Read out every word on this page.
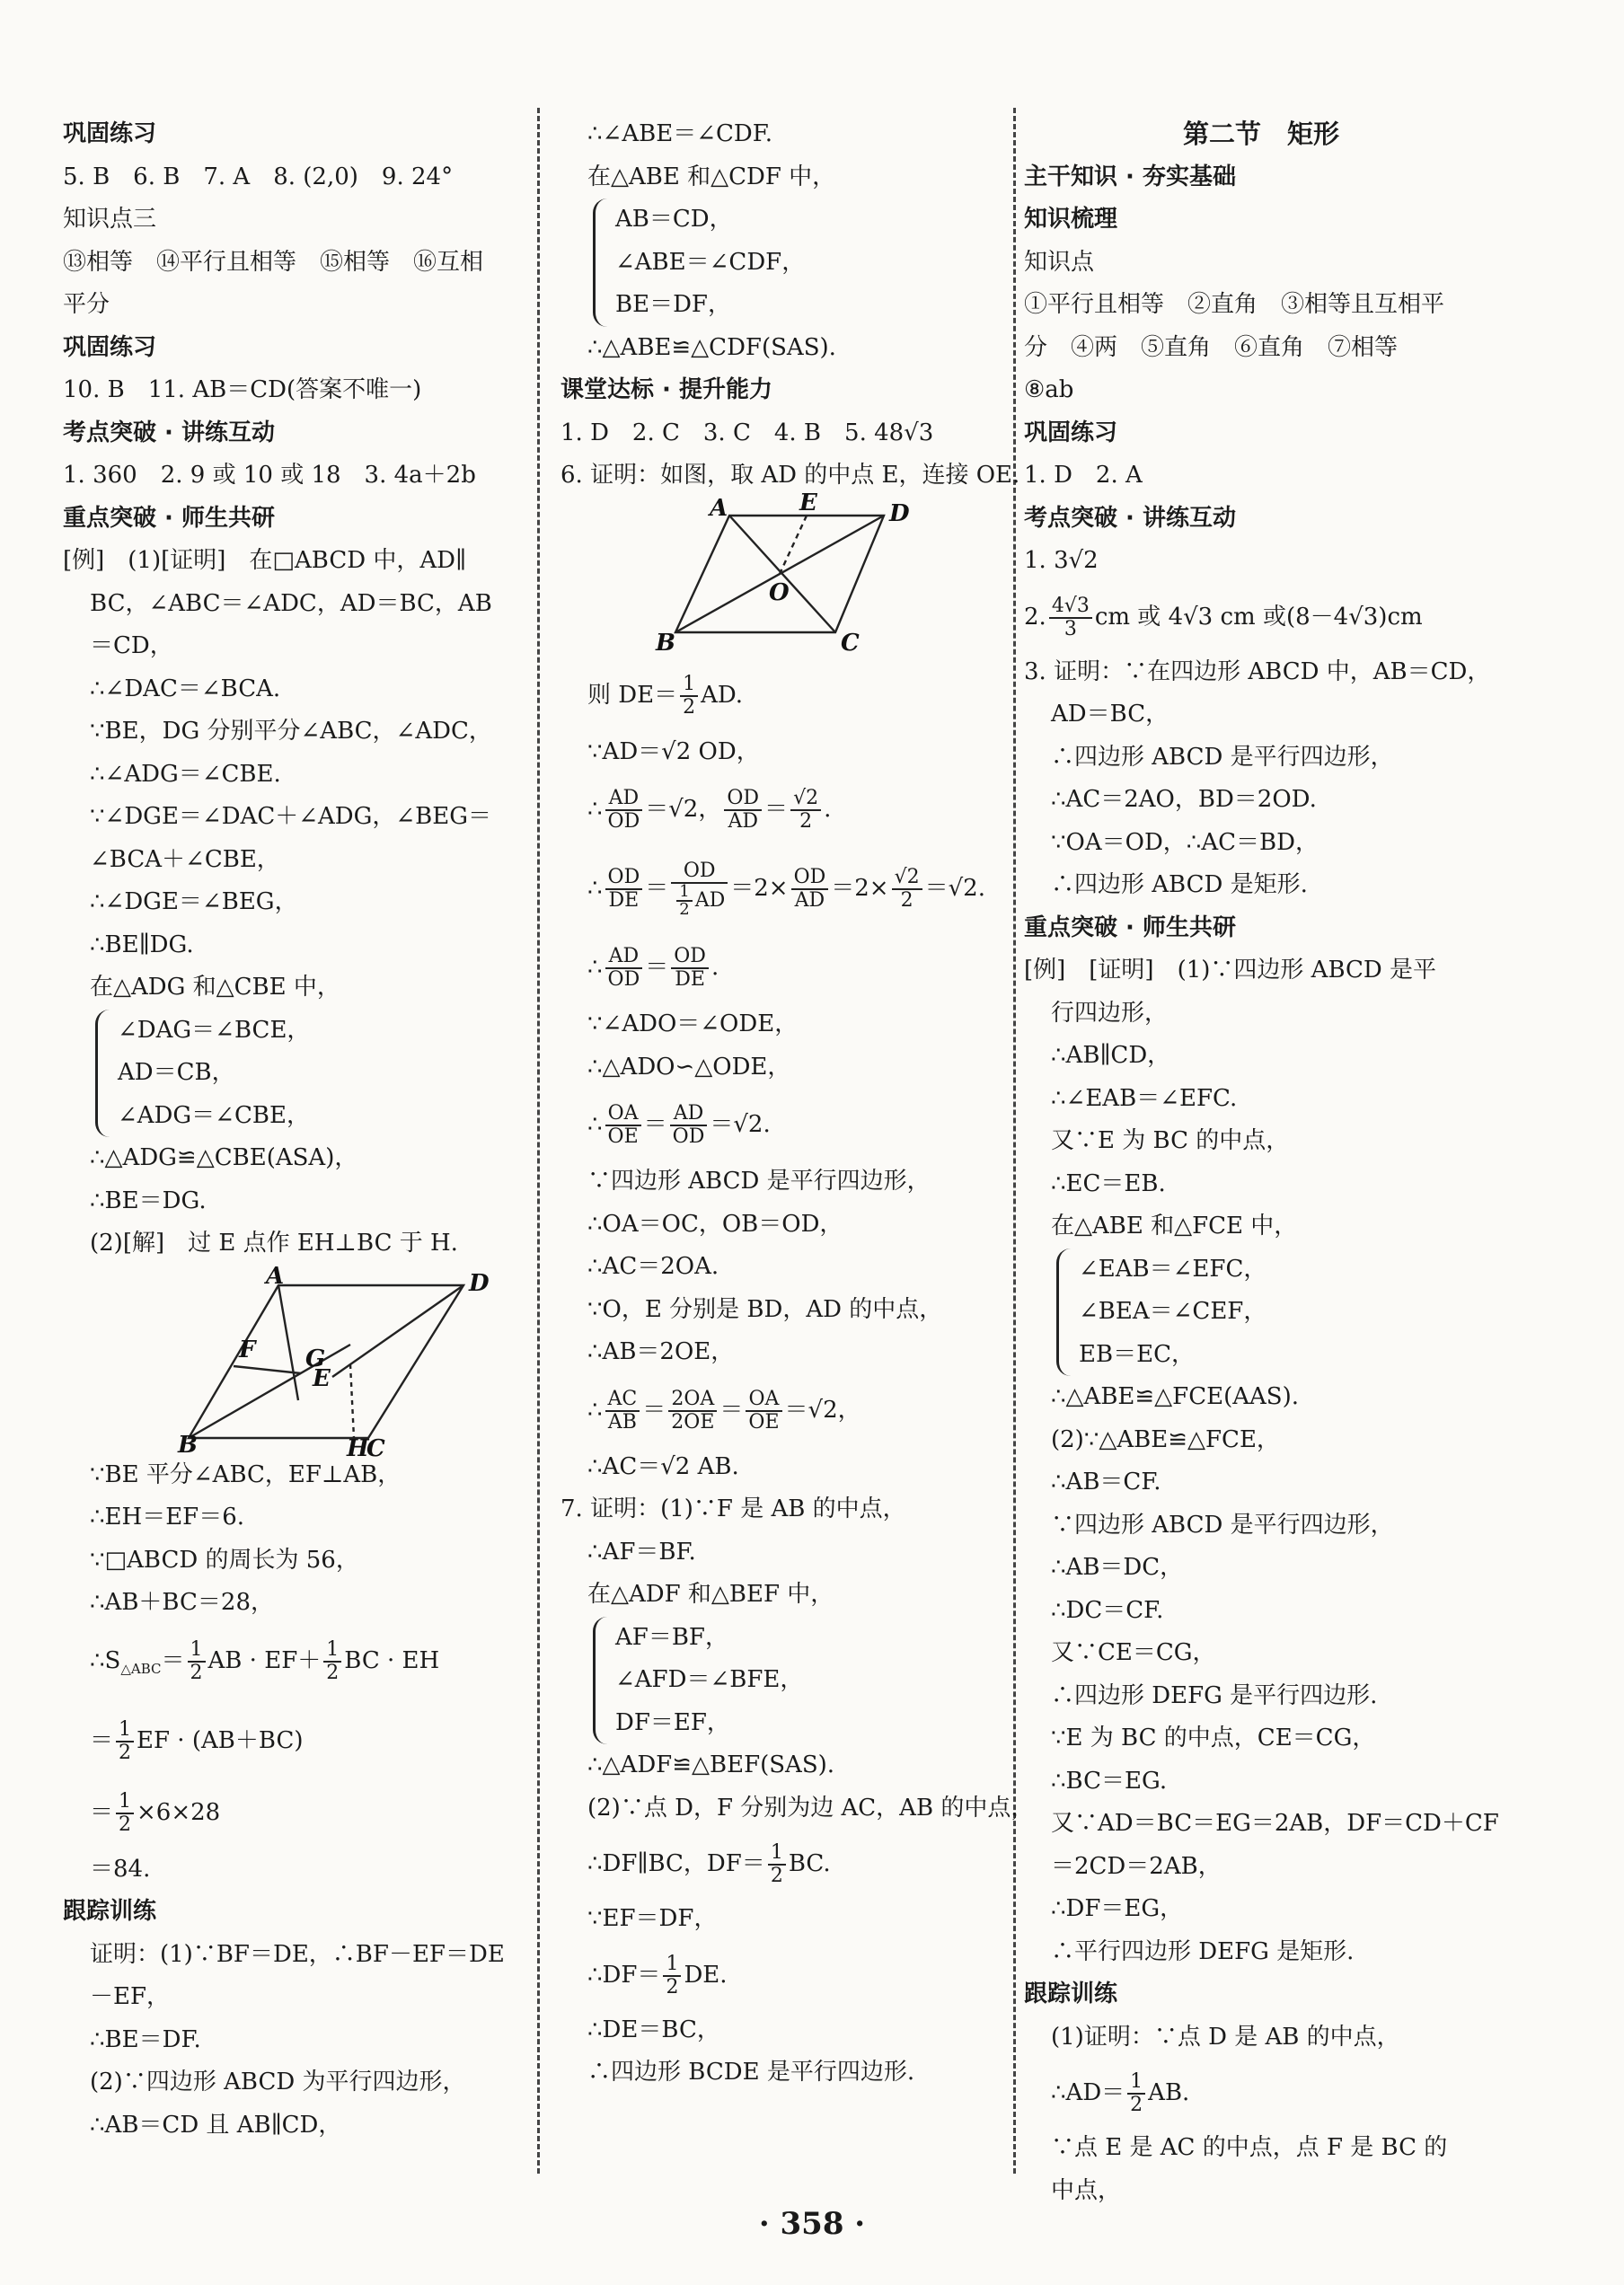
巩固练习
5. B　6. B　7. A　8. (2,0)　9. 24°
知识点三
⑬相等　⑭平行且相等　⑮相等　⑯互相
平分
巩固练习
10. B　11. AB＝CD(答案不唯一)
考点突破 · 讲练互动
1. 360　2. 9 或 10 或 18　3. 4a＋2b
重点突破 · 师生共研
[例]　(1)[证明]　在□ABCD 中，AD∥
BC，∠ABC＝∠ADC，AD＝BC，AB
＝CD，
∴∠DAC＝∠BCA.
∵BE，DG 分别平分∠ABC，∠ADC，
∴∠ADG＝∠CBE.
∵∠DGE＝∠DAC＋∠ADG，∠BEG＝
∠BCA＋∠CBE，
∴∠DGE＝∠BEG，
∴BE∥DG.
在△ADG 和△CBE 中，
∠DAG＝∠BCE，
AD＝CB，
∠ADG＝∠CBE，
∴△ADG≌△CBE(ASA)，
∴BE＝DG.
(2)[解]　过 E 点作 EH⊥BC 于 H.
A	D
F G
E
B	H
C
∵BE 平分∠ABC，EF⊥AB，
∴EH＝EF＝6.
∵□ABCD 的周长为 56，
∴AB＋BC＝28，
$\therefore S_{\triangle ABC}= \frac{1}{2}$ AB · $EF+ \frac{1}{2}$ BC · EH
＝ $\frac{1}{2}$ EF · (AB＋BC)
＝ $\frac{1}{2} \times 6\times 28$
＝84.
跟踪训练
证明：(1)∵BF＝DE，∴BF－EF＝DE
－EF，
∴BE＝DF.
(2)∵四边形 ABCD 为平行四边形，
∴AB＝CD 且 AB∥CD，
∴∠ABE＝∠CDF.
在△ABE 和△CDF 中，
AB＝CD，
∠ABE＝∠CDF，
BE＝DF，
∴△ABE≌△CDF(SAS).
课堂达标 · 提升能力
1. D　2. C　3. C　4. B　5. 48√3
6. 证明：如图，取 AD 的中点 E，连接 OE.
A	E	D
O
B	C
则 $DE= \frac{1}{2}$ AD.
∵AD＝√2 OD，
∴ $\frac{AD}{OD} =√2$， $\frac{OD}{AD} = \frac{√2}{2}$ .
∴ $\frac{OD}{DE} = \frac{OD}{\frac{1}{2} AD} =2\times \frac{OD}{AD} =2\times \frac{√2}{2} =√2$.
∴ $\frac{AD}{OD} = \frac{OD}{DE}$ .
∵∠ADO＝∠ODE，
∴△ADO∽△ODE，
∴ $\frac{OA}{OE} = \frac{AD}{OD} =√2$.
∵四边形 ABCD 是平行四边形，
∴OA＝OC，OB＝OD，
∴AC＝2OA.
∵O，E 分别是 BD，AD 的中点，
∴AB＝2OE，
∴ $\frac{AC}{AB} = \frac{2OA}{2OE} = \frac{OA}{OE} =√2$，
∴AC＝√2 AB.
7. 证明：(1)∵F 是 AB 的中点，
∴AF＝BF.
在△ADF 和△BEF 中，
AF＝BF，
∠AFD＝∠BFE，
DF＝EF，
∴△ADF≌△BEF(SAS).
(2)∵点 D，F 分别为边 AC，AB 的中点，
∴DF∥BC，$DF= \frac{1}{2}$ BC.
∵EF＝DF，
∴DF＝ $\frac{1}{2}$ DE.
∴DE＝BC，
∴四边形 BCDE 是平行四边形.
第二节　矩形
主干知识 · 夯实基础
知识梳理
知识点
①平行且相等　②直角　③相等且互相平
分　④两　⑤直角　⑥直角　⑦相等
⑧ab
巩固练习
1. D　2. A
考点突破 · 讲练互动
1. 3√2
2. $\frac{4√3}{3}$ cm 或 4√3 cm 或(8－4√3)cm
3. 证明：∵在四边形 ABCD 中，AB＝CD，
AD＝BC，
∴四边形 ABCD 是平行四边形，
∴AC＝2AO，BD＝2OD.
∵OA＝OD，∴AC＝BD，
∴四边形 ABCD 是矩形.
重点突破 · 师生共研
[例]　[证明]　(1)∵四边形 ABCD 是平
行四边形，
∴AB∥CD，
∴∠EAB＝∠EFC.
又∵E 为 BC 的中点，
∴EC＝EB.
在△ABE 和△FCE 中，
∠EAB＝∠EFC，
∠BEA＝∠CEF，
EB＝EC，
∴△ABE≌△FCE(AAS).
(2)∵△ABE≌△FCE，
∴AB＝CF.
∵四边形 ABCD 是平行四边形，
∴AB＝DC，
∴DC＝CF.
又∵CE＝CG，
∴四边形 DEFG 是平行四边形.
∵E 为 BC 的中点，CE＝CG，
∴BC＝EG.
又∵AD＝BC＝EG＝2AB，DF＝CD＋CF
＝2CD＝2AB，
∴DF＝EG，
∴平行四边形 DEFG 是矩形.
跟踪训练
(1)证明：∵点 D 是 AB 的中点，
∴AD＝ $\frac{1}{2}$ AB.
∵点 E 是 AC 的中点，点 F 是 BC 的
中点，
· 358 ·
